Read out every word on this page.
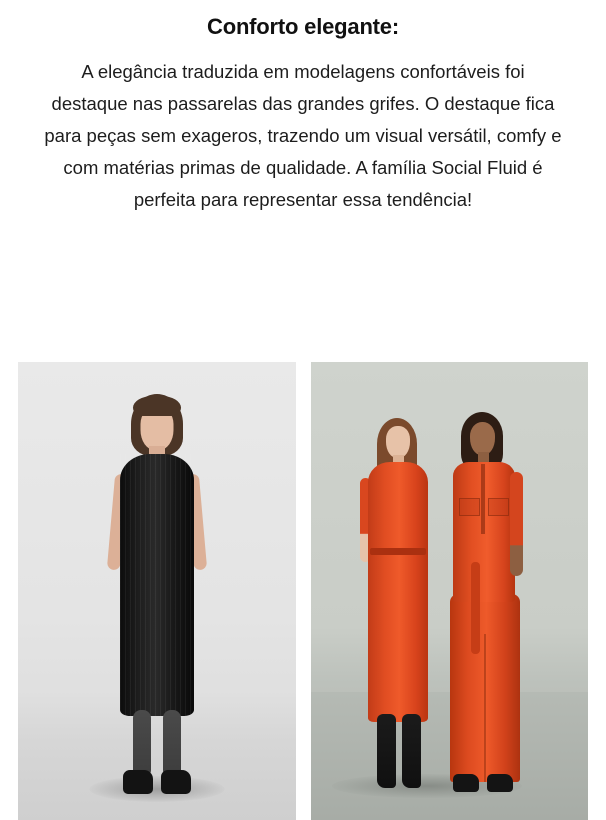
Conforto elegante:

A elegância traduzida em modelagens confortáveis foi destaque nas passarelas das grandes grifes. O destaque fica para peças sem exageros, trazendo um visual versátil, comfy e com matérias primas de qualidade. A família Social Fluid é perfeita para representar essa tendência!
